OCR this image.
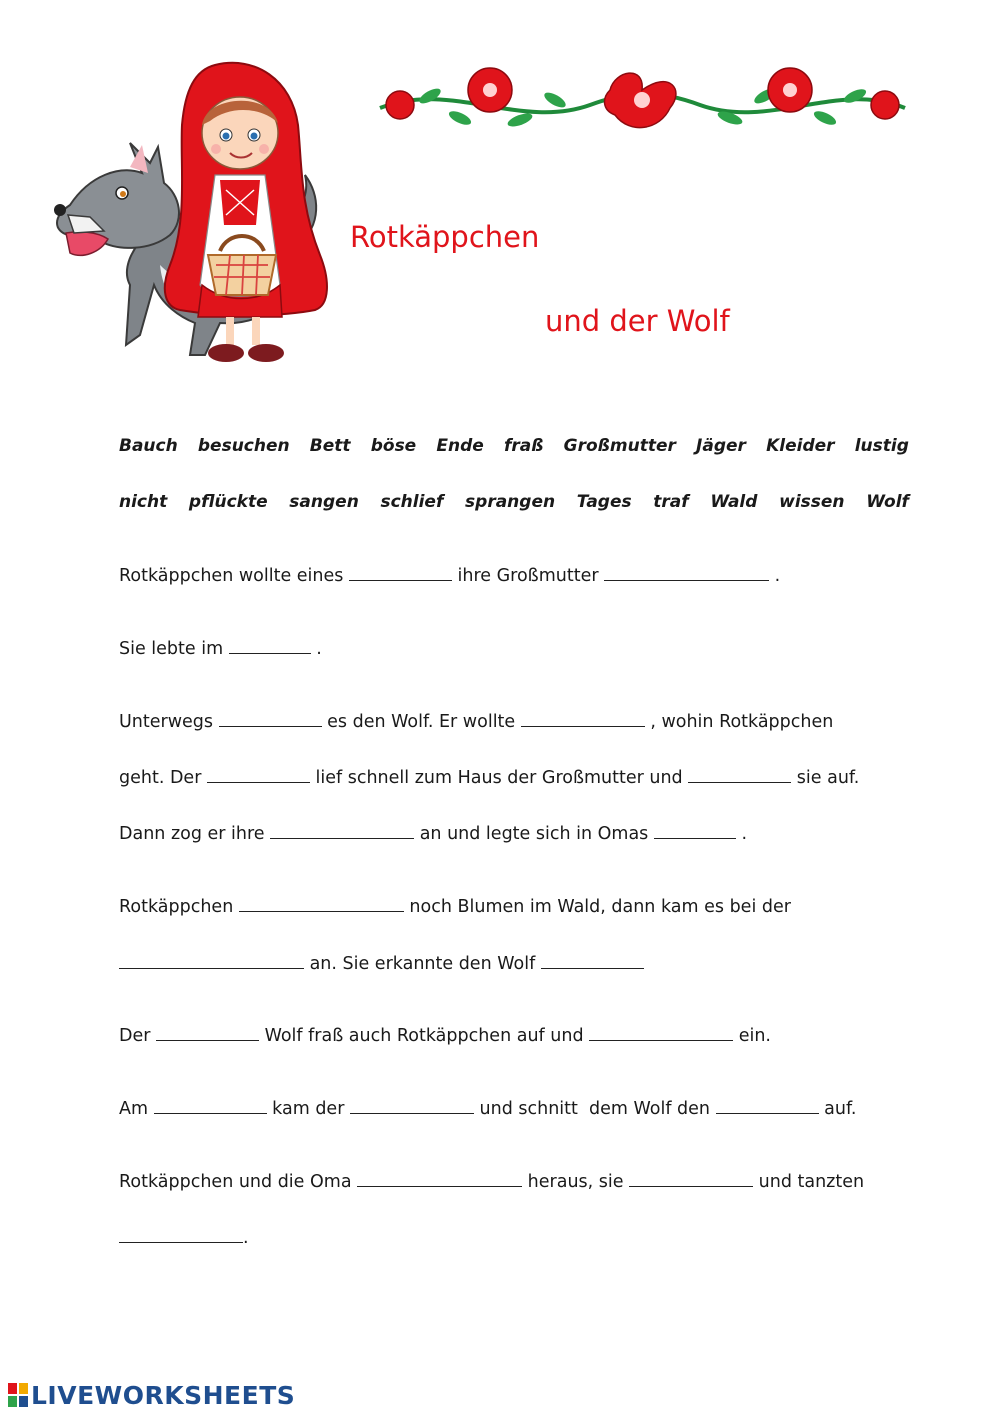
Rotkäppchen
und der Wolf
Bauch besuchen Bett böse Ende fraß Großmutter Jäger Kleider lustig
nicht pflückte sangen schlief sprangen Tages traf Wald wissen Wolf

Rotkäppchen wollte eines	ihre Großmutter	.

Sie lebte im	.

Unterwegs	es den Wolf. Er wollte	, wohin Rotkäppchen

geht. Der	lief schnell zum Haus der Großmutter und	sie auf.

Dann zog er ihre	an und legte sich in Omas	.

Rotkäppchen	noch Blumen im Wald, dann kam es bei der

an. Sie erkannte den Wolf

Der	Wolf fraß auch Rotkäppchen auf und	ein.

Am	kam der	und schnitt  dem Wolf den	auf.

Rotkäppchen und die Oma	heraus, sie	und tanzten

.

LIVEWORKSHEETS
